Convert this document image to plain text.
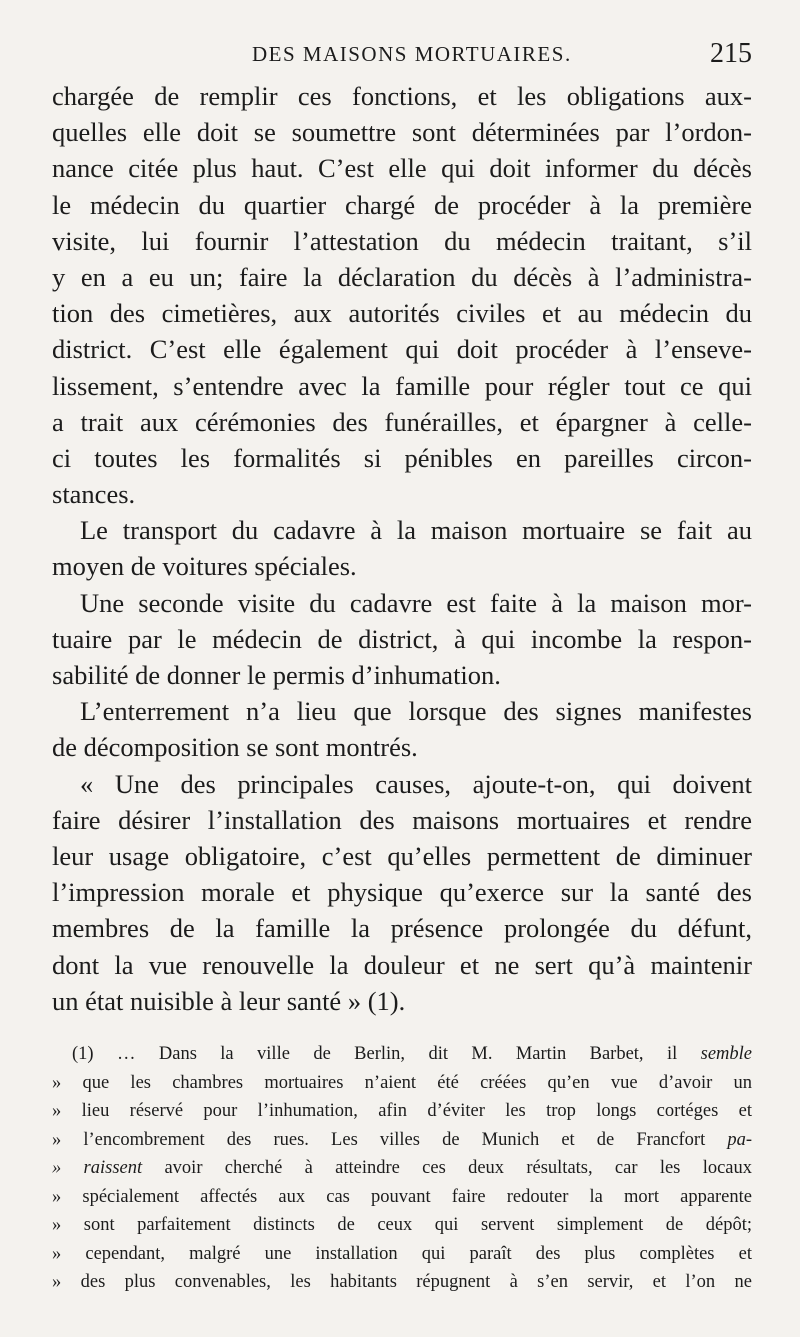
DES MAISONS MORTUAIRES.	215
chargée de remplir ces fonctions, et les obligations aux-
quelles elle doit se soumettre sont déterminées par l’ordon-
nance citée plus haut. C’est elle qui doit informer du décès
le médecin du quartier chargé de procéder à la première
visite, lui fournir l’attestation du médecin traitant, s’il
y en a eu un; faire la déclaration du décès à l’administra-
tion des cimetières, aux autorités civiles et au médecin du
district. C’est elle également qui doit procéder à l’enseve-
lissement, s’entendre avec la famille pour régler tout ce qui
a trait aux cérémonies des funérailles, et épargner à celle-
ci toutes les formalités si pénibles en pareilles circon-
stances.
Le transport du cadavre à la maison mortuaire se fait au
moyen de voitures spéciales.
Une seconde visite du cadavre est faite à la maison mor-
tuaire par le médecin de district, à qui incombe la respon-
sabilité de donner le permis d’inhumation.
L’enterrement n’a lieu que lorsque des signes manifestes
de décomposition se sont montrés.
« Une des principales causes, ajoute-t-on, qui doivent
faire désirer l’installation des maisons mortuaires et rendre
leur usage obligatoire, c’est qu’elles permettent de diminuer
l’impression morale et physique qu’exerce sur la santé des
membres de la famille la présence prolongée du défunt,
dont la vue renouvelle la douleur et ne sert qu’à maintenir
un état nuisible à leur santé » (1).
(1) … Dans la ville de Berlin, dit M. Martin Barbet, il semble
» que les chambres mortuaires n’aient été créées qu’en vue d’avoir un
» lieu réservé pour l’inhumation, afin d’éviter les trop longs cortéges et
» l’encombrement des rues. Les villes de Munich et de Francfort pa-
» raissent avoir cherché à atteindre ces deux résultats, car les locaux
» spécialement affectés aux cas pouvant faire redouter la mort apparente
» sont parfaitement distincts de ceux qui servent simplement de dépôt;
» cependant, malgré une installation qui paraît des plus complètes et
» des plus convenables, les habitants répugnent à s’en servir, et l’on ne
